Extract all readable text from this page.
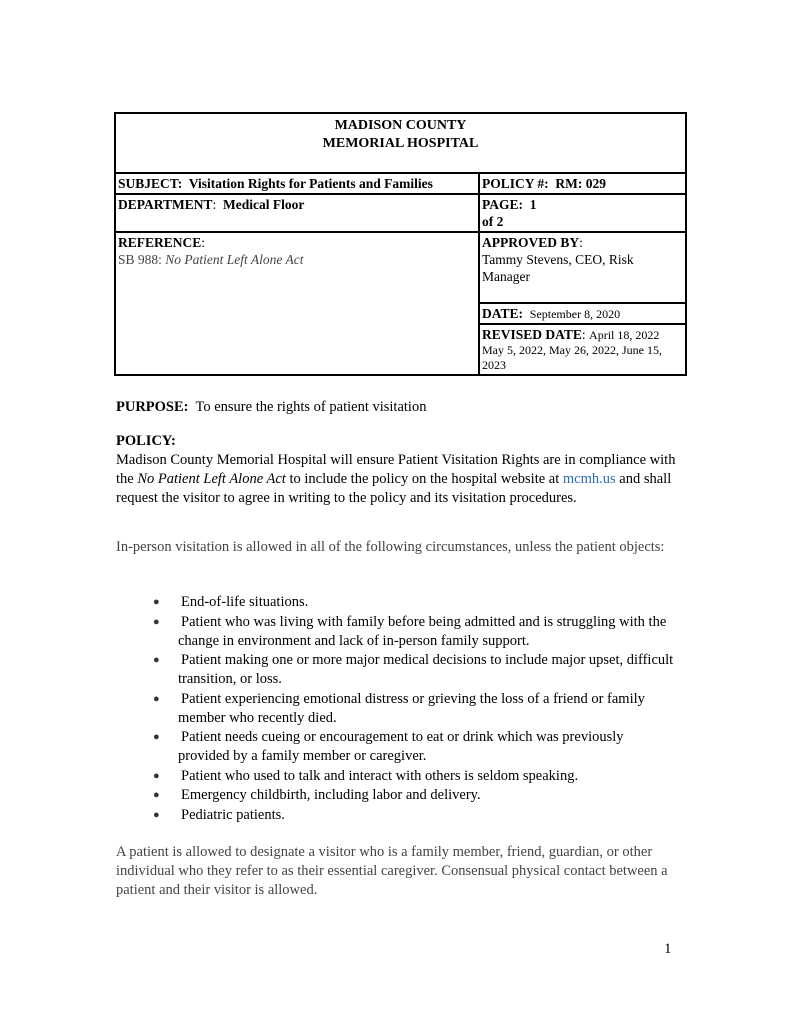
MADISON COUNTY
MEMORIAL HOSPITAL
SUBJECT: Visitation Rights for Patients and Families	POLICY #: RM: 029
DEPARTMENT:  Medical Floor	PAGE: 1
of 2
REFERENCE:
SB 988: No Patient Left Alone Act
APPROVED BY:
Tammy Stevens, CEO, Risk Manager
DATE: September 8, 2020
REVISED DATE: April 18, 2022

May 5, 2022, May 26, 2022, June 15, 2023
PURPOSE: To ensure the rights of patient visitation
POLICY:
Madison County Memorial Hospital will ensure Patient Visitation Rights are in compliance with the No Patient Left Alone Act to include the policy on the hospital website at mcmh.us and shall request the visitor to agree in writing to the policy and its visitation procedures.
In-person visitation is allowed in all of the following circumstances, unless the patient objects:
● End-of-life situations.
● Patient who was living with family before being admitted and is struggling with the change in environment and lack of in-person family support.
● Patient making one or more major medical decisions to include major upset, difficult transition, or loss.
● Patient experiencing emotional distress or grieving the loss of a friend or family member who recently died.
● Patient needs cueing or encouragement to eat or drink which was previously provided by a family member or caregiver.
● Patient who used to talk and interact with others is seldom speaking.
● Emergency childbirth, including labor and delivery.
● Pediatric patients.
A patient is allowed to designate a visitor who is a family member, friend, guardian, or other individual who they refer to as their essential caregiver. Consensual physical contact between a patient and their visitor is allowed.
1
